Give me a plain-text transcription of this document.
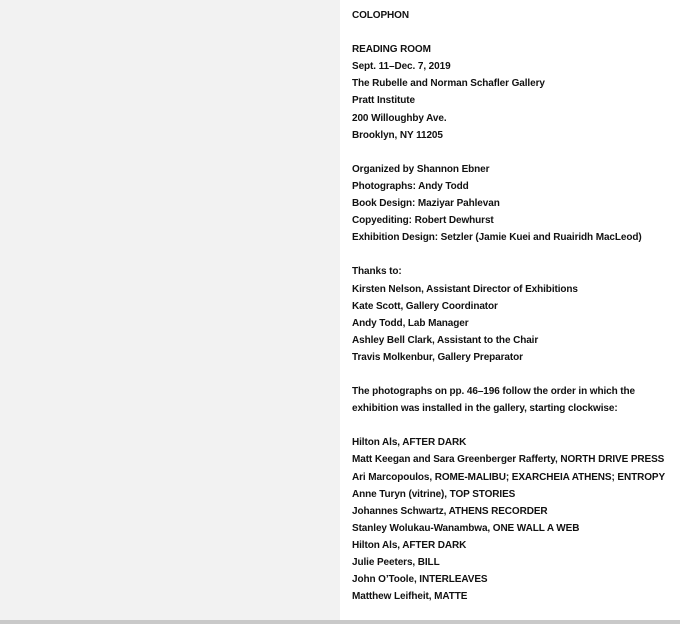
COLOPHON
READING ROOM
Sept. 11–Dec. 7, 2019
The Rubelle and Norman Schafler Gallery
Pratt Institute
200 Willoughby Ave.
Brooklyn, NY 11205
Organized by Shannon Ebner
Photographs: Andy Todd
Book Design: Maziyar Pahlevan
Copyediting: Robert Dewhurst
Exhibition Design: Setzler (Jamie Kuei and Ruairidh MacLeod)
Thanks to:
Kirsten Nelson, Assistant Director of Exhibitions
Kate Scott, Gallery Coordinator
Andy Todd, Lab Manager
Ashley Bell Clark, Assistant to the Chair
Travis Molkenbur, Gallery Preparator
The photographs on pp. 46–196 follow the order in which the
exhibition was installed in the gallery, starting clockwise:
Hilton Als, AFTER DARK
Matt Keegan and Sara Greenberger Rafferty, NORTH DRIVE PRESS
Ari Marcopoulos, ROME-MALIBU; EXARCHEIA ATHENS; ENTROPY
Anne Turyn (vitrine), TOP STORIES
Johannes Schwartz, ATHENS RECORDER
Stanley Wolukau-Wanambwa, ONE WALL A WEB
Hilton Als, AFTER DARK
Julie Peeters, BILL
John O’Toole, INTERLEAVES
Matthew Leifheit, MATTE
